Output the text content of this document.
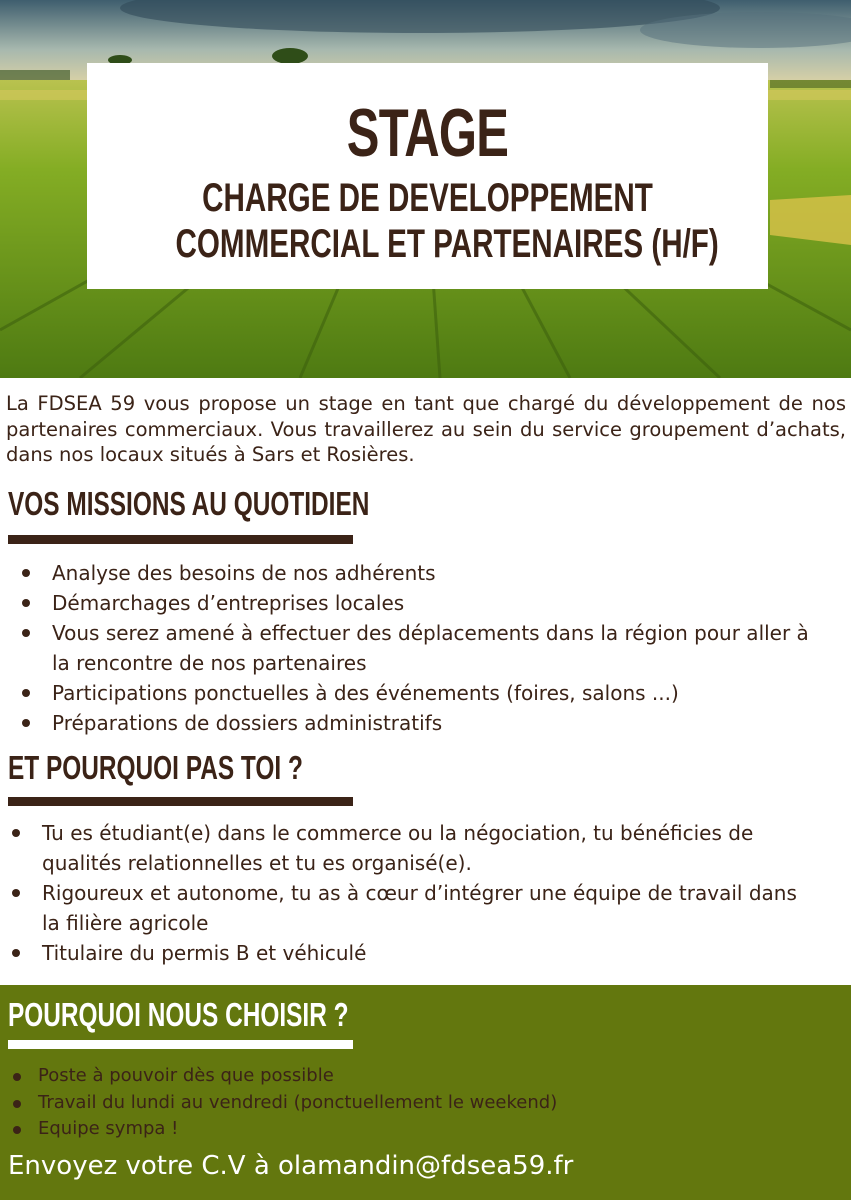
STAGE
CHARGE DE DEVELOPPEMENT
COMMERCIAL ET PARTENAIRES (H/F)

La FDSEA 59 vous propose un stage en tant que chargé du développement de nos partenaires commerciaux. Vous travaillerez au sein du service groupement d’achats, dans nos locaux situés à Sars et Rosières.

VOS MISSIONS AU QUOTIDIEN
Analyse des besoins de nos adhérents
Démarchages d’entreprises locales
Vous serez amené à effectuer des déplacements dans la région pour aller à la rencontre de nos partenaires
Participations ponctuelles à des événements (foires, salons ...)
Préparations de dossiers administratifs
ET POURQUOI PAS TOI ?
Tu es étudiant(e) dans le commerce ou la négociation, tu bénéficies de qualités relationnelles et tu es organisé(e).
Rigoureux et autonome, tu as à cœur d’intégrer une équipe de travail dans la filière agricole
Titulaire du permis B et véhiculé
POURQUOI NOUS CHOISIR ?
Poste à pouvoir dès que possible
Travail du lundi au vendredi (ponctuellement le weekend)
Equipe sympa !

Envoyez votre C.V à olamandin@fdsea59.fr
